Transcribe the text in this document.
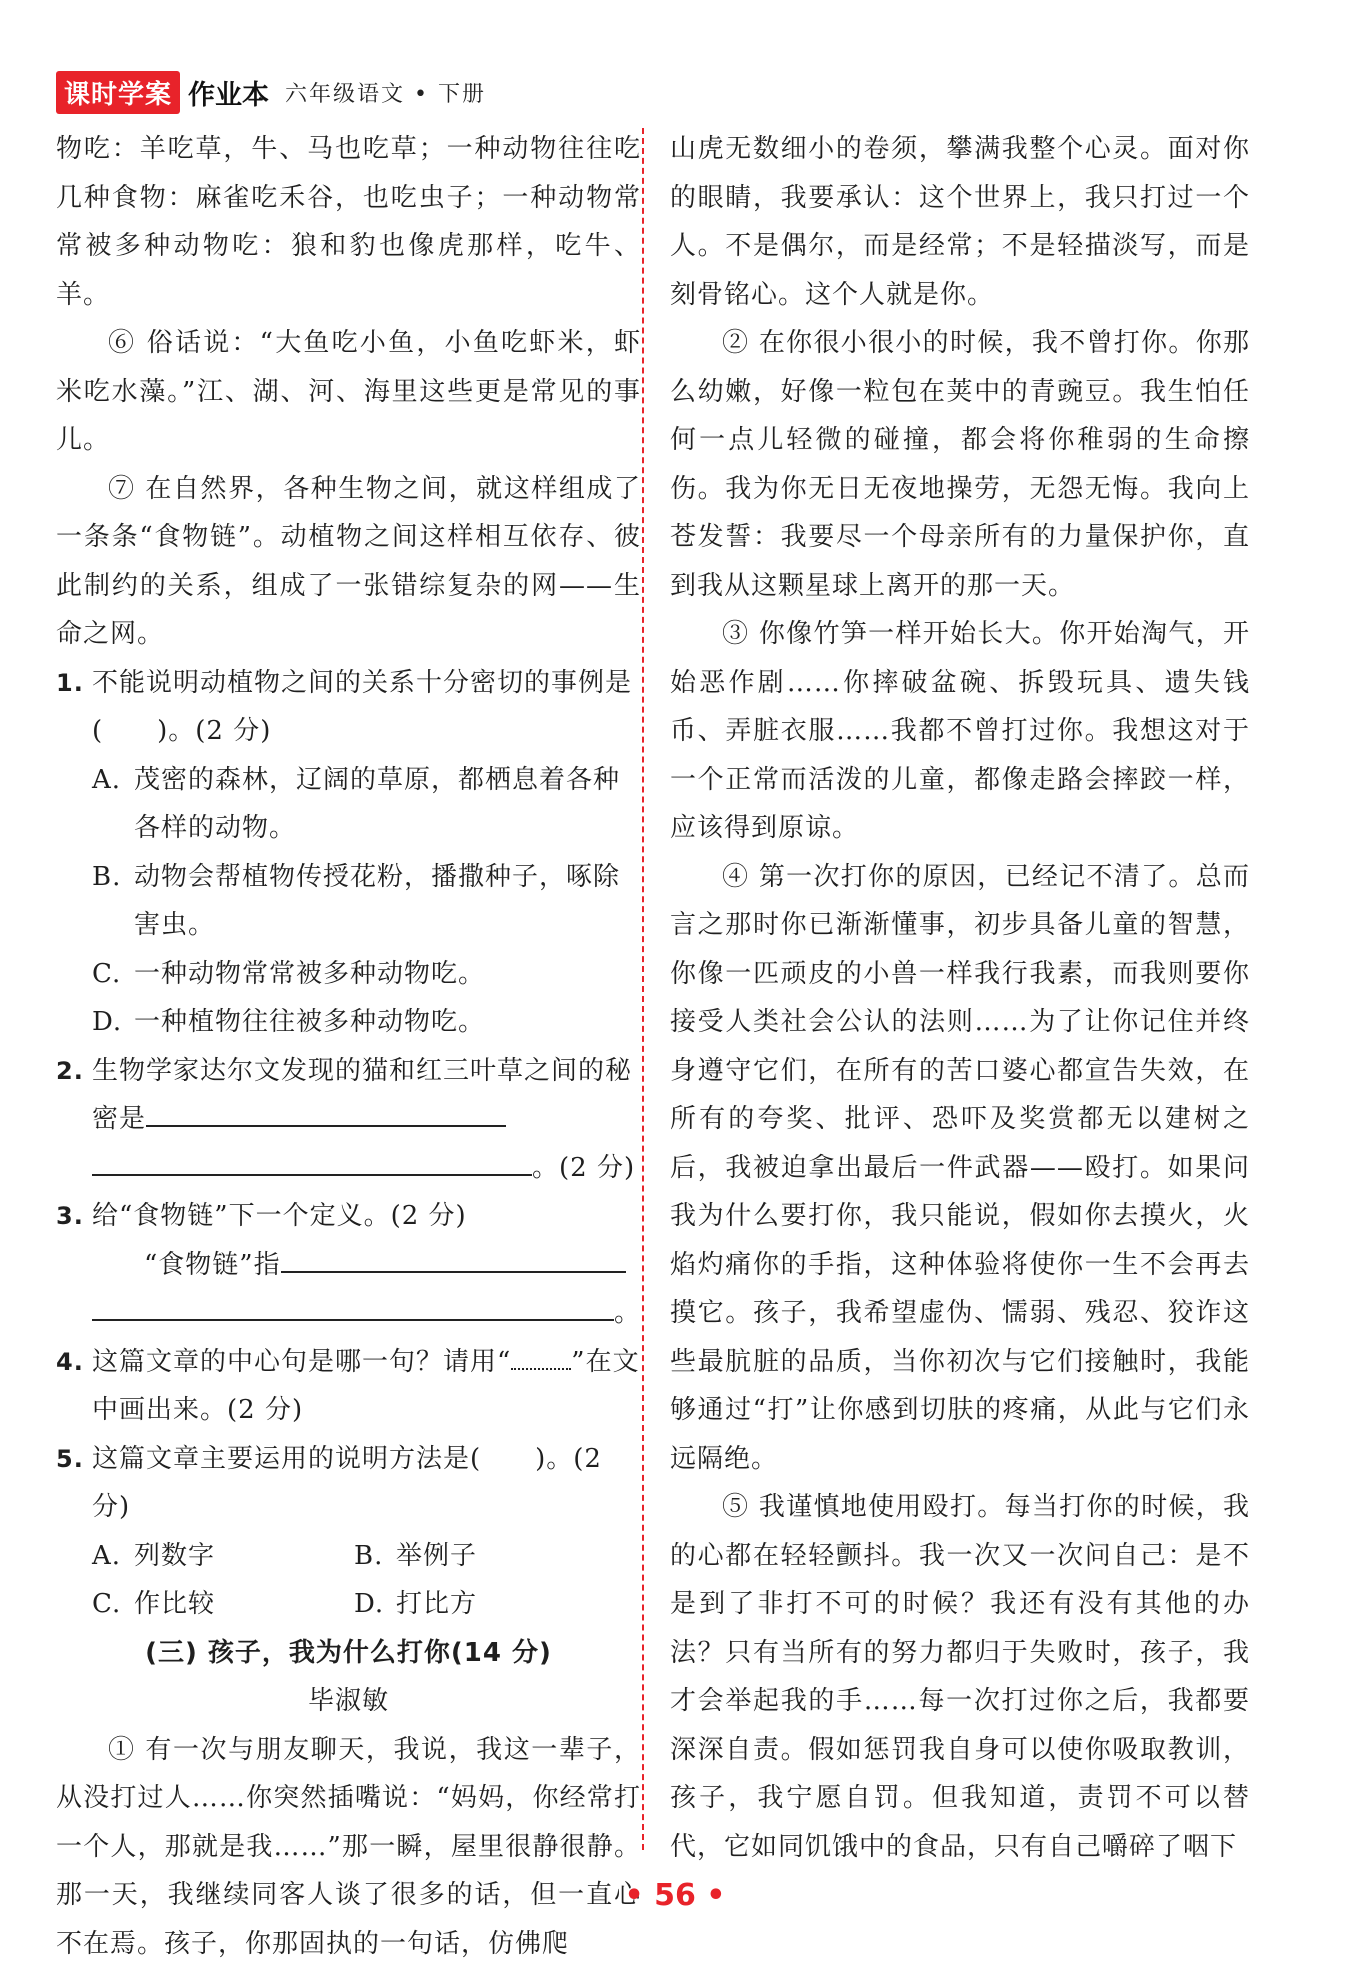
课时学案 作业本 六年级语文 • 下册

物吃：羊吃草，牛、马也吃草；一种动物往往吃几种食物：麻雀吃禾谷，也吃虫子；一种动物常常被多种动物吃：狼和豹也像虎那样，吃牛、羊。

⑥ 俗话说：“大鱼吃小鱼，小鱼吃虾米，虾米吃水藻。”江、湖、河、海里这些更是常见的事儿。

⑦ 在自然界，各种生物之间，就这样组成了一条条“食物链”。动植物之间这样相互依存、彼此制约的关系，组成了一张错综复杂的网——生命之网。

1. 不能说明动植物之间的关系十分密切的事例是(　　)。(2 分)
A. 茂密的森林，辽阔的草原，都栖息着各种各样的动物。
B. 动物会帮植物传授花粉，播撒种子，啄除害虫。
C. 一种动物常常被多种动物吃。
D. 一种植物往往被多种动物吃。
2. 生物学家达尔文发现的猫和红三叶草之间的秘密是
。(2 分)
3. 给“食物链”下一个定义。(2 分)
“食物链”指
。
4. 这篇文章的中心句是哪一句？请用“ ”在文中画出来。(2 分)
5. 这篇文章主要运用的说明方法是(　　)。(2 分)
A. 列数字	B. 举例子
C. 作比较	D. 打比方
(三) 孩子，我为什么打你(14 分)
毕淑敏

① 有一次与朋友聊天，我说，我这一辈子，从没打过人……你突然插嘴说：“妈妈，你经常打一个人，那就是我……”那一瞬，屋里很静很静。那一天，我继续同客人谈了很多的话，但一直心不在焉。孩子，你那固执的一句话，仿佛爬

山虎无数细小的卷须，攀满我整个心灵。面对你的眼睛，我要承认：这个世界上，我只打过一个人。不是偶尔，而是经常；不是轻描淡写，而是刻骨铭心。这个人就是你。

② 在你很小很小的时候，我不曾打你。你那么幼嫩，好像一粒包在荚中的青豌豆。我生怕任何一点儿轻微的碰撞，都会将你稚弱的生命擦伤。我为你无日无夜地操劳，无怨无悔。我向上苍发誓：我要尽一个母亲所有的力量保护你，直到我从这颗星球上离开的那一天。

③ 你像竹笋一样开始长大。你开始淘气，开始恶作剧……你摔破盆碗、拆毁玩具、遗失钱币、弄脏衣服……我都不曾打过你。我想这对于一个正常而活泼的儿童，都像走路会摔跤一样，应该得到原谅。

④ 第一次打你的原因，已经记不清了。总而言之那时你已渐渐懂事，初步具备儿童的智慧，你像一匹顽皮的小兽一样我行我素，而我则要你接受人类社会公认的法则……为了让你记住并终身遵守它们，在所有的苦口婆心都宣告失效，在所有的夸奖、批评、恐吓及奖赏都无以建树之后，我被迫拿出最后一件武器——殴打。如果问我为什么要打你，我只能说，假如你去摸火，火焰灼痛你的手指，这种体验将使你一生不会再去摸它。孩子，我希望虚伪、懦弱、残忍、狡诈这些最肮脏的品质，当你初次与它们接触时，我能够通过“打”让你感到切肤的疼痛，从此与它们永远隔绝。

⑤ 我谨慎地使用殴打。每当打你的时候，我的心都在轻轻颤抖。我一次又一次问自己：是不是到了非打不可的时候？我还有没有其他的办法？只有当所有的努力都归于失败时，孩子，我才会举起我的手……每一次打过你之后，我都要深深自责。假如惩罚我自身可以使你吸取教训，孩子，我宁愿自罚。但我知道，责罚不可以替代，它如同饥饿中的食品，只有自己嚼碎了咽下

• 56 •
